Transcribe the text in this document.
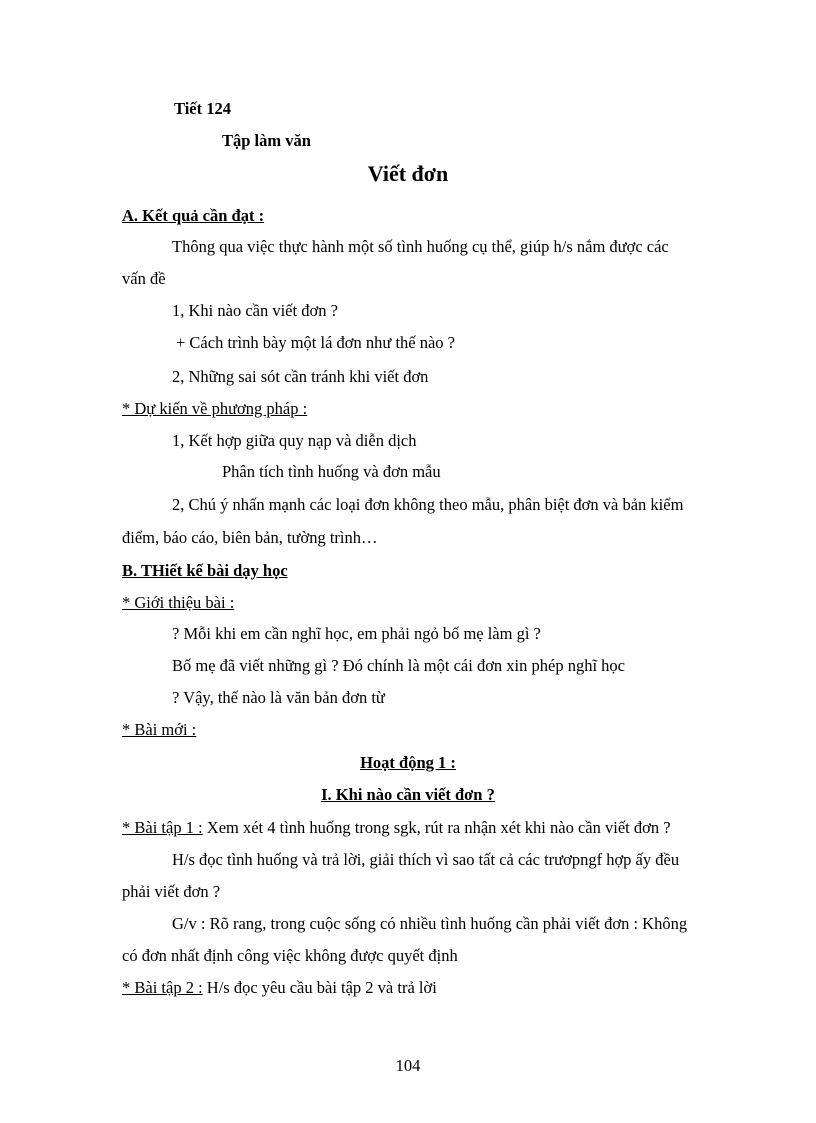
Tiết 124
Tập làm văn
Viết đơn
A. Kết quả cần đạt :
Thông qua việc thực hành một số tình huống cụ thể, giúp h/s nắm được các
vấn đề
1, Khi nào cần viết đơn ?
+ Cách trình bày một lá đơn như thế nào ?
2, Những sai sót cần tránh khi viết đơn
* Dự kiến về phương pháp :
1, Kết hợp giữa quy nạp và diễn dịch
Phân tích tình huống và đơn mẫu
2, Chú ý nhấn mạnh các loại đơn không theo mẫu, phân biệt đơn và bản kiểm
điểm, báo cáo, biên bản, tường trình…
B. THiết kế bài dạy học
* Giới thiệu bài :
? Mỗi khi em cần nghĩ học, em phải ngỏ bố mẹ làm gì ?
Bố mẹ đã viết những gì ? Đó chính là một cái đơn xin phép nghĩ học
? Vậy, thế nào là văn bản đơn từ
* Bài mới :
Hoạt động 1 :
I. Khi nào cần viết đơn ?
* Bài tập 1 : Xem xét 4 tình huống trong sgk, rút ra nhận xét khi nào cần viết đơn ?
H/s đọc tình huống và trả lời, giải thích vì sao tất cả các trươpngf hợp ấy đều
phải viết đơn ?
G/v : Rõ rang, trong cuộc sống có nhiều tình huống cần phải viết đơn : Không
có đơn nhất định công việc không được quyết định
* Bài tập 2 : H/s đọc yêu cầu bài tập 2 và trả lời
104
